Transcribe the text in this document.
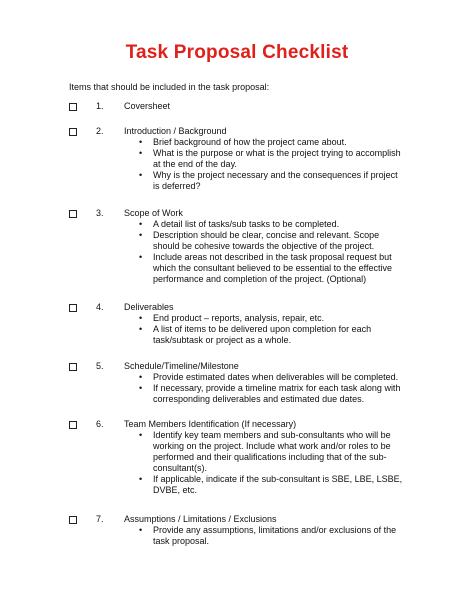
Task Proposal Checklist
Items that should be included in the task proposal:
1. Coversheet
2. Introduction / Background
• Brief background of how the project came about.
• What is the purpose or what is the project trying to accomplish at the end of the day.
• Why is the project necessary and the consequences if project is deferred?
3. Scope of Work
• A detail list of tasks/sub tasks to be completed.
• Description should be clear, concise and relevant. Scope should be cohesive towards the objective of the project.
• Include areas not described in the task proposal request but which the consultant believed to be essential to the effective performance and completion of the project. (Optional)
4. Deliverables
• End product – reports, analysis, repair, etc.
• A list of items to be delivered upon completion for each task/subtask or project as a whole.
5. Schedule/Timeline/Milestone
• Provide estimated dates when deliverables will be completed.
• If necessary, provide a timeline matrix for each task along with corresponding deliverables and estimated due dates.
6. Team Members Identification (If necessary)
• Identify key team members and sub-consultants who will be working on the project. Include what work and/or roles to be performed and their qualifications including that of the sub-consultant(s).
• If applicable, indicate if the sub-consultant is SBE, LBE, LSBE, DVBE, etc.
7. Assumptions / Limitations / Exclusions
• Provide any assumptions, limitations and/or exclusions of the task proposal.
